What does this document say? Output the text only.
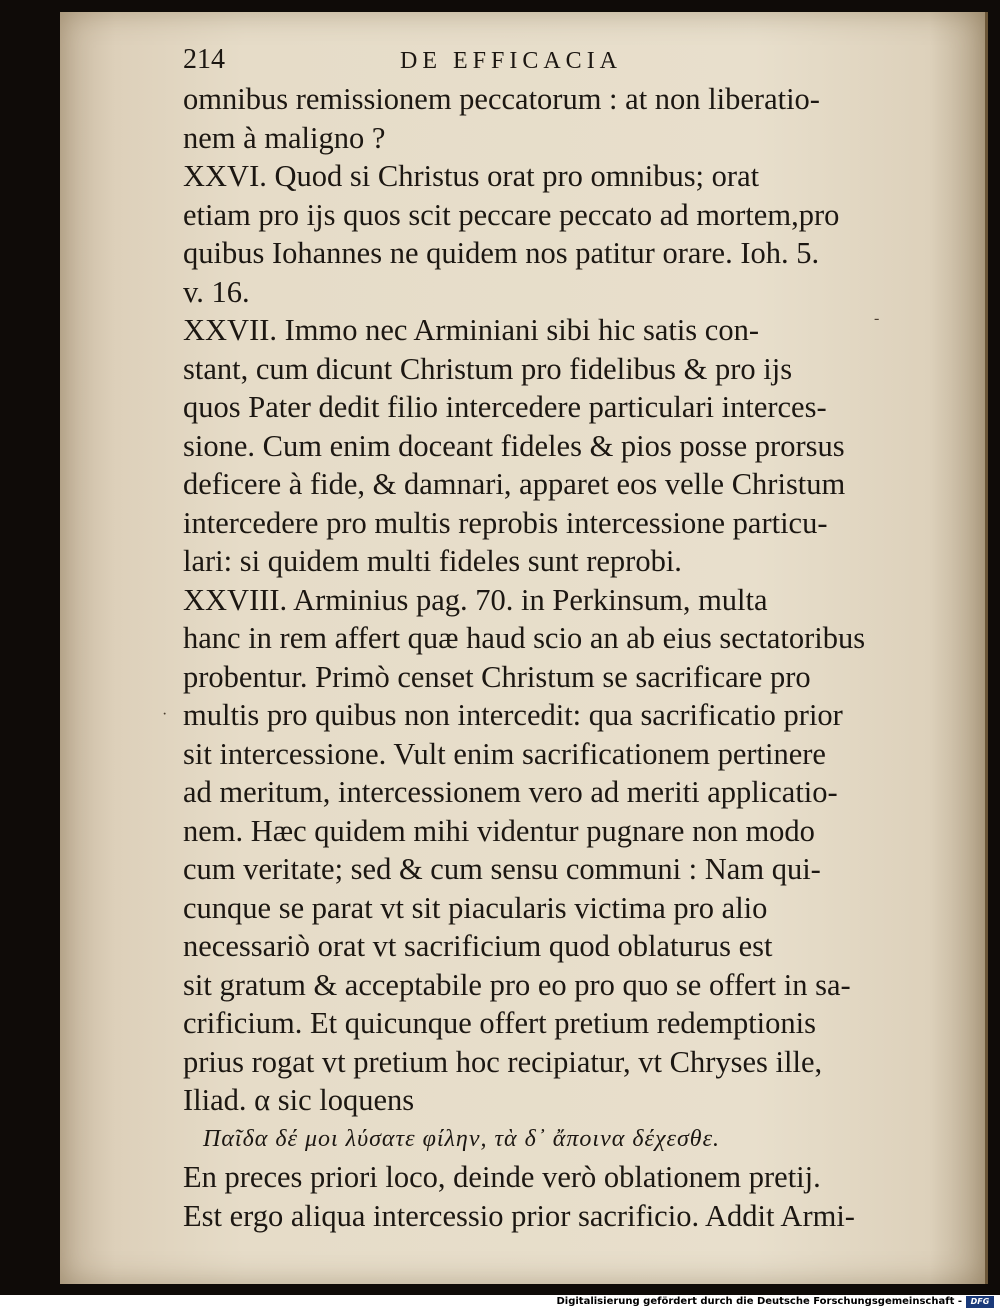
-
·
214	DE EFFICACIA
omnibus remissionem peccatorum : at non liberatio-
nem à maligno ?
XXVI. Quod si Christus orat pro omnibus; orat
etiam pro ijs quos scit peccare peccato ad mortem,pro
quibus Iohannes ne quidem nos patitur orare. Ioh. 5.
v. 16.
XXVII. Immo nec Arminiani sibi hic satis con-
stant, cum dicunt Christum pro fidelibus & pro ijs
quos Pater dedit filio intercedere particulari interces-
sione. Cum enim doceant fideles & pios posse prorsus
deficere à fide, & damnari, apparet eos velle Christum
intercedere pro multis reprobis intercessione particu-
lari: si quidem multi fideles sunt reprobi.
XXVIII. Arminius pag. 70. in Perkinsum, multa
hanc in rem affert quæ haud scio an ab eius sectatoribus
probentur. Primò censet Christum se sacrificare pro
multis pro quibus non intercedit: qua sacrificatio prior
sit intercessione. Vult enim sacrificationem pertinere
ad meritum, intercessionem vero ad meriti applicatio-
nem. Hæc quidem mihi videntur pugnare non modo
cum veritate; sed & cum sensu communi : Nam qui-
cunque se parat vt sit piacularis victima pro alio
necessariò orat vt sacrificium quod oblaturus est
sit gratum & acceptabile pro eo pro quo se offert in sa-
crificium. Et quicunque offert pretium redemptionis
prius rogat vt pretium hoc recipiatur, vt Chryses ille,
Iliad. α sic loquens
Παῖδα δέ μοι λύσατε φίλην, τὰ δ᾽ ἄποινα δέχεσθε.
En preces priori loco, deinde verò oblationem pretij.
Est ergo aliqua intercessio prior sacrificio. Addit Armi-
Digitalisierung gefördert durch die Deutsche Forschungsgemeinschaft -	DFG
